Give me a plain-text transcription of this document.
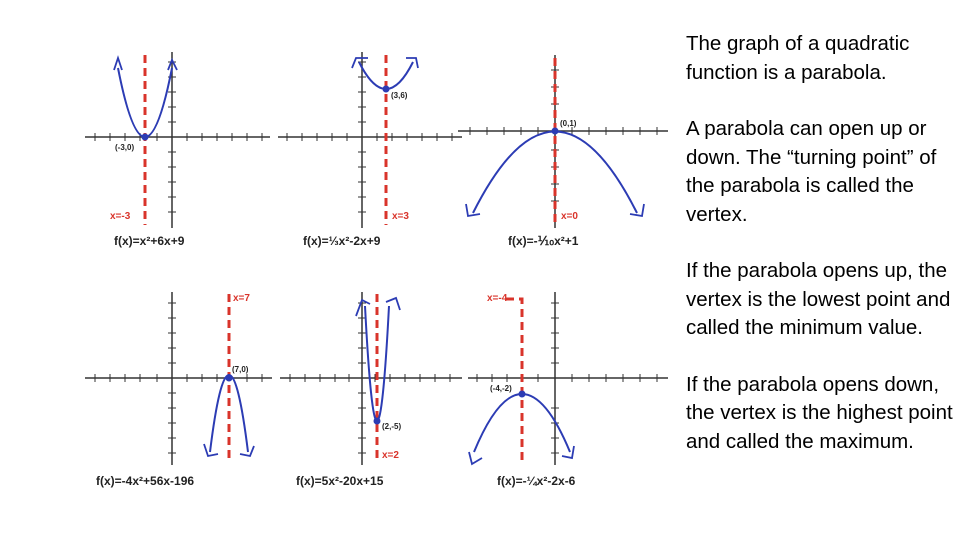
(-3,0)
x=-3
f(x)=x²+6x+9
(3,6)
x=3
f(x)=⅓x²-2x+9
(0,1)
x=0
f(x)=-⅒x²+1
(7,0)
x=7
f(x)=-4x²+56x-196
(2,-5)
x=2
f(x)=5x²-20x+15
(-4,-2)
x=-4
f(x)=-¼x²-2x-6

The graph of a quadratic function is a parabola.

A parabola can open up or down. The “turning point” of the parabola is called the vertex.

If the parabola opens up, the vertex is the lowest point and called the minimum value.

If the parabola opens down, the vertex is the highest point and called the maximum.
